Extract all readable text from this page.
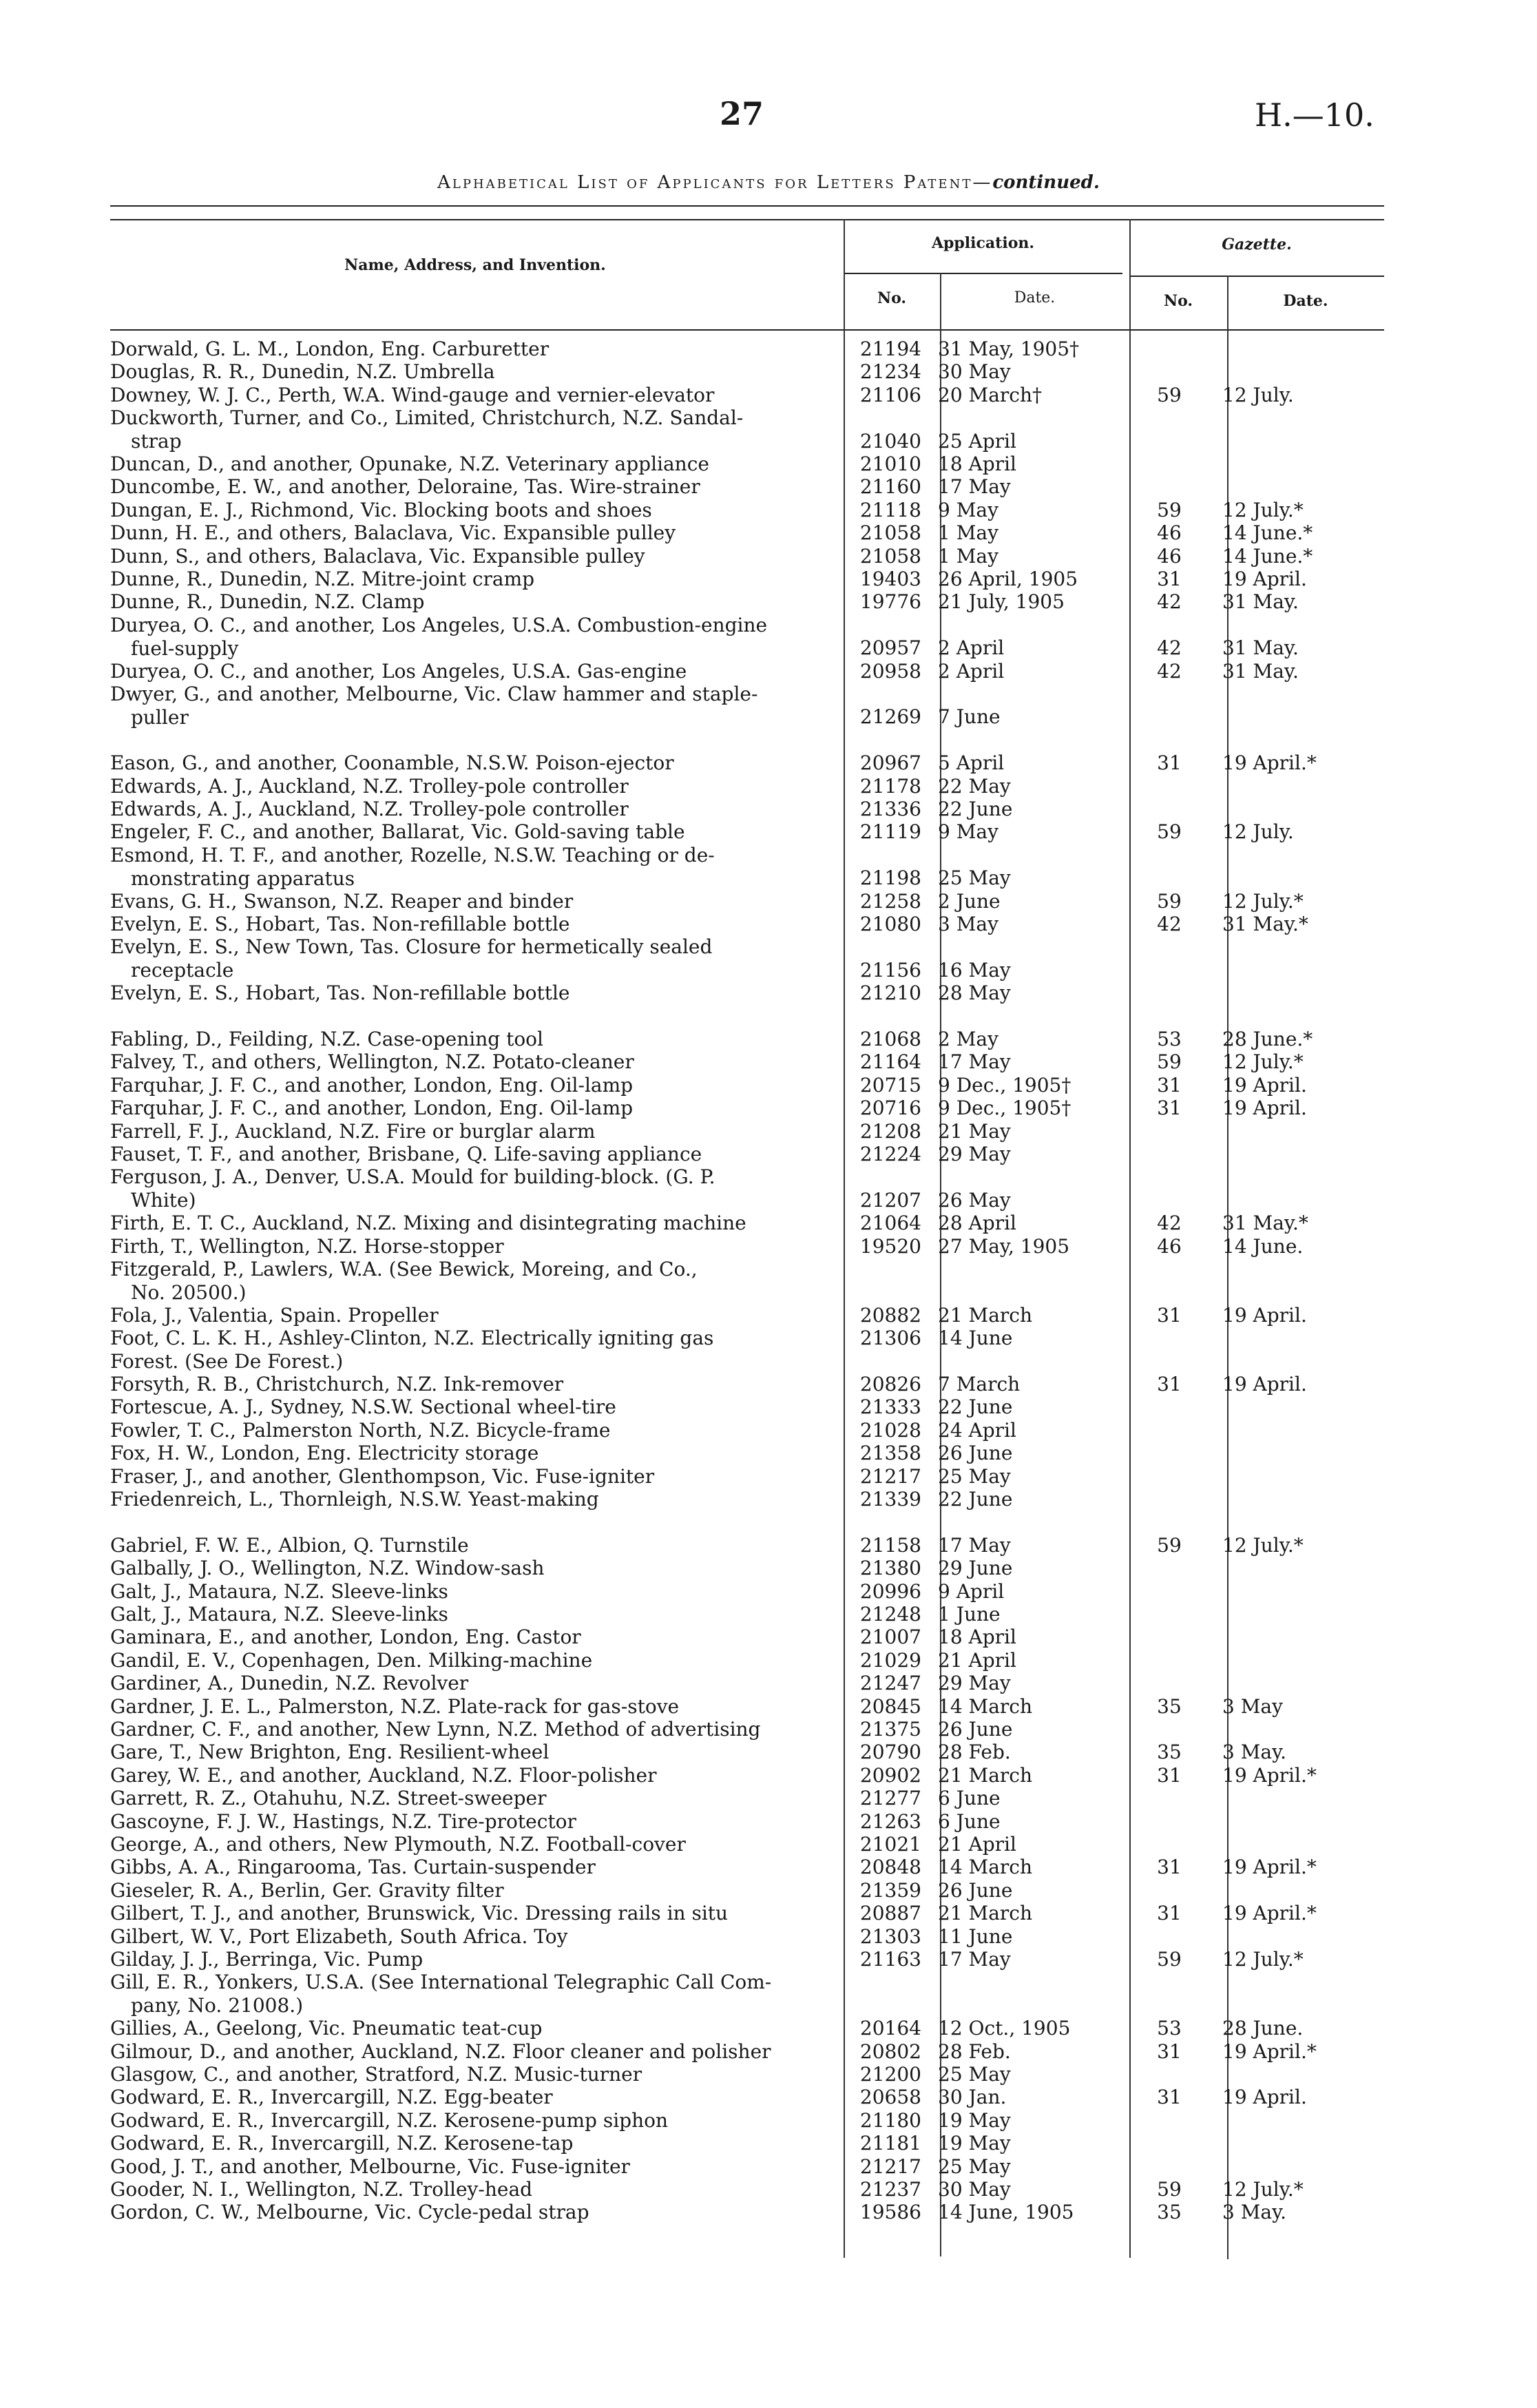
27	H.—10.
Alphabetical List of Applicants for Letters Patent—continued.
Name, Address, and Invention.
Application.
No.	Date.
Gazette.
No.	Date.
Dorwald, G. L. M., London, Eng. Carburetter	21194 31 May, 1905†
Douglas, R. R., Dunedin, N.Z. Umbrella	21234 30 May
Downey, W. J. C., Perth, W.A. Wind-gauge and vernier-elevator	21106 20 March†	59	12 July.
Duckworth, Turner, and Co., Limited, Christchurch, N.Z. Sandal-
strap	21040 25 April
Duncan, D., and another, Opunake, N.Z. Veterinary appliance	21010 18 April
Duncombe, E. W., and another, Deloraine, Tas. Wire-strainer	21160 17 May
Dungan, E. J., Richmond, Vic. Blocking boots and shoes	21118 9 May	59	12 July.*
Dunn, H. E., and others, Balaclava, Vic. Expansible pulley	21058 1 May	46	14 June.*
Dunn, S., and others, Balaclava, Vic. Expansible pulley	21058 1 May	46	14 June.*
Dunne, R., Dunedin, N.Z. Mitre-joint cramp	19403 26 April, 1905	31	19 April.
Dunne, R., Dunedin, N.Z. Clamp	19776 21 July, 1905	42	31 May.
Duryea, O. C., and another, Los Angeles, U.S.A. Combustion-engine
fuel-supply	20957 2 April	42	31 May.
Duryea, O. C., and another, Los Angeles, U.S.A. Gas-engine	20958 2 April	42	31 May.
Dwyer, G., and another, Melbourne, Vic. Claw hammer and staple-
puller	21269 7 June
Eason, G., and another, Coonamble, N.S.W. Poison-ejector	20967 5 April	31	19 April.*
Edwards, A. J., Auckland, N.Z. Trolley-pole controller	21178 22 May
Edwards, A. J., Auckland, N.Z. Trolley-pole controller	21336 22 June
Engeler, F. C., and another, Ballarat, Vic. Gold-saving table	21119 9 May	59	12 July.
Esmond, H. T. F., and another, Rozelle, N.S.W. Teaching or de-
monstrating apparatus	21198 25 May
Evans, G. H., Swanson, N.Z. Reaper and binder	21258 2 June	59	12 July.*
Evelyn, E. S., Hobart, Tas. Non-refillable bottle	21080 3 May	42	31 May.*
Evelyn, E. S., New Town, Tas. Closure for hermetically sealed
receptacle	21156 16 May
Evelyn, E. S., Hobart, Tas. Non-refillable bottle	21210 28 May
Fabling, D., Feilding, N.Z. Case-opening tool	21068 2 May	53	28 June.*
Falvey, T., and others, Wellington, N.Z. Potato-cleaner	21164 17 May	59	12 July.*
Farquhar, J. F. C., and another, London, Eng. Oil-lamp	20715 9 Dec., 1905†	31	19 April.
Farquhar, J. F. C., and another, London, Eng. Oil-lamp	20716 9 Dec., 1905†	31	19 April.
Farrell, F. J., Auckland, N.Z. Fire or burglar alarm	21208 21 May
Fauset, T. F., and another, Brisbane, Q. Life-saving appliance	21224 29 May
Ferguson, J. A., Denver, U.S.A. Mould for building-block. (G. P.
White)	21207 26 May
Firth, E. T. C., Auckland, N.Z. Mixing and disintegrating machine	21064 28 April	42	31 May.*
Firth, T., Wellington, N.Z. Horse-stopper	19520 27 May, 1905	46	14 June.
Fitzgerald, P., Lawlers, W.A. (See Bewick, Moreing, and Co.,
No. 20500.)
Fola, J., Valentia, Spain. Propeller	20882 21 March	31	19 April.
Foot, C. L. K. H., Ashley-Clinton, N.Z. Electrically igniting gas	21306 14 June
Forest. (See De Forest.)
Forsyth, R. B., Christchurch, N.Z. Ink-remover	20826 7 March	31	19 April.
Fortescue, A. J., Sydney, N.S.W. Sectional wheel-tire	21333 22 June
Fowler, T. C., Palmerston North, N.Z. Bicycle-frame	21028 24 April
Fox, H. W., London, Eng. Electricity storage	21358 26 June
Fraser, J., and another, Glenthompson, Vic. Fuse-igniter	21217 25 May
Friedenreich, L., Thornleigh, N.S.W. Yeast-making	21339 22 June
Gabriel, F. W. E., Albion, Q. Turnstile	21158 17 May	59	12 July.*
Galbally, J. O., Wellington, N.Z. Window-sash	21380 29 June
Galt, J., Mataura, N.Z. Sleeve-links	20996 9 April
Galt, J., Mataura, N.Z. Sleeve-links	21248 1 June
Gaminara, E., and another, London, Eng. Castor	21007 18 April
Gandil, E. V., Copenhagen, Den. Milking-machine	21029 21 April
Gardiner, A., Dunedin, N.Z. Revolver	21247 29 May
Gardner, J. E. L., Palmerston, N.Z. Plate-rack for gas-stove	20845 14 March	35	3 May
Gardner, C. F., and another, New Lynn, N.Z. Method of advertising	21375 26 June
Gare, T., New Brighton, Eng. Resilient-wheel	20790 28 Feb.	35	3 May.
Garey, W. E., and another, Auckland, N.Z. Floor-polisher	20902 21 March	31	19 April.*
Garrett, R. Z., Otahuhu, N.Z. Street-sweeper	21277 6 June
Gascoyne, F. J. W., Hastings, N.Z. Tire-protector	21263 6 June
George, A., and others, New Plymouth, N.Z. Football-cover	21021 21 April
Gibbs, A. A., Ringarooma, Tas. Curtain-suspender	20848 14 March	31	19 April.*
Gieseler, R. A., Berlin, Ger. Gravity filter	21359 26 June
Gilbert, T. J., and another, Brunswick, Vic. Dressing rails in situ	20887 21 March	31	19 April.*
Gilbert, W. V., Port Elizabeth, South Africa. Toy	21303 11 June
Gilday, J. J., Berringa, Vic. Pump	21163 17 May	59	12 July.*
Gill, E. R., Yonkers, U.S.A. (See International Telegraphic Call Com-
pany, No. 21008.)
Gillies, A., Geelong, Vic. Pneumatic teat-cup	20164 12 Oct., 1905	53	28 June.
Gilmour, D., and another, Auckland, N.Z. Floor cleaner and polisher	20802 28 Feb.	31	19 April.*
Glasgow, C., and another, Stratford, N.Z. Music-turner	21200 25 May
Godward, E. R., Invercargill, N.Z. Egg-beater	20658 30 Jan.	31	19 April.
Godward, E. R., Invercargill, N.Z. Kerosene-pump siphon	21180 19 May
Godward, E. R., Invercargill, N.Z. Kerosene-tap	21181 19 May
Good, J. T., and another, Melbourne, Vic. Fuse-igniter	21217 25 May
Gooder, N. I., Wellington, N.Z. Trolley-head	21237 30 May	59	12 July.*
Gordon, C. W., Melbourne, Vic. Cycle-pedal strap	19586 14 June, 1905	35	3 May.
